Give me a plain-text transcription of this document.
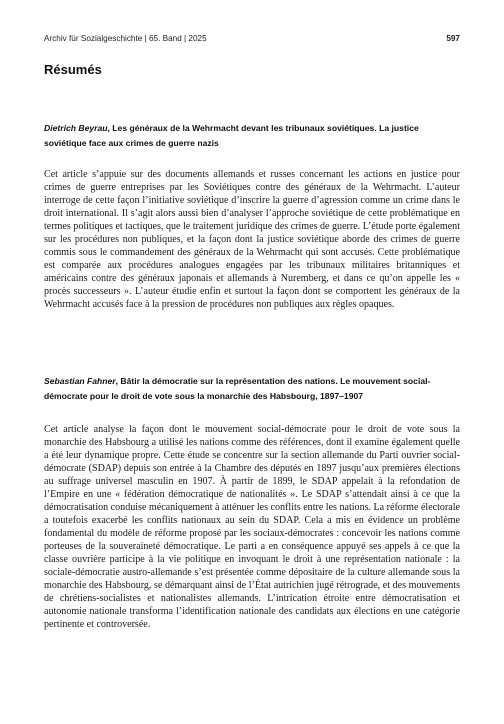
Archiv für Sozialgeschichte | 65. Band | 2025	597
Résumés

Dietrich Beyrau, Les généraux de la Wehrmacht devant les tribunaux soviétiques. La justice soviétique face aux crimes de guerre nazis

Cet article s’appuie sur des documents allemands et russes concernant les actions en justice pour crimes de guerre entreprises par les Soviétiques contre des généraux de la Wehrmacht. L’auteur interroge de cette façon l’initiative soviétique d’inscrire la guerre d’agression comme un crime dans le droit international. Il s’agit alors aussi bien d’analyser l’approche soviétique de cette problématique en termes politiques et tactiques, que le traitement juridique des crimes de guerre. L’étude porte également sur les procédures non publiques, et la façon dont la justice soviétique aborde des crimes de guerre commis sous le commandement des généraux de la Wehrmacht qui sont accusés. Cette problématique est comparée aux procédures analogues engagées par les tribunaux militaires britanniques et américains contre des généraux japonais et allemands à Nuremberg, et dans ce qu’on appelle les « procès successeurs ». L’auteur étudie enfin et surtout la façon dont se comportent les généraux de la Wehrmacht accusés face à la pression de procédures non publiques aux règles opaques.

Sebastian Fahner, Bâtir la démocratie sur la représentation des nations. Le mouvement social-démocrate pour le droit de vote sous la monarchie des Habsbourg, 1897–1907

Cet article analyse la façon dont le mouvement social-démocrate pour le droit de vote sous la monarchie des Habsbourg a utilisé les nations comme des références, dont il examine également quelle a été leur dynamique propre. Cette étude se concentre sur la section allemande du Parti ouvrier social-démocrate (SDAP) depuis son entrée à la Chambre des députés en 1897 jusqu’aux premières élections au suffrage universel masculin en 1907. À partir de 1899, le SDAP appelait à la refondation de l’Empire en une « fédération démocratique de nationalités ». Le SDAP s’attendait ainsi à ce que la démocratisation conduise mécaniquement à atténuer les conflits entre les nations. La réforme électorale a toutefois exacerbé les conflits nationaux au sein du SDAP. Cela a mis en évidence un problème fondamental du modèle de réforme proposé par les sociaux-démocrates : concevoir les nations comme porteuses de la souveraineté démocratique. Le parti a en conséquence appuyé ses appels à ce que la classe ouvrière participe à la vie politique en invoquant le droit à une représentation nationale : la sociale-démocratie austro-allemande s’est présentée comme dépositaire de la culture allemande sous la monarchie des Habsbourg, se démarquant ainsi de l’État autrichien jugé rétrograde, et des mouvements de chrétiens-socialistes et nationalistes allemands. L’intrication étroite entre démocratisation et autonomie nationale transforma l’identification nationale des candidats aux élections en une catégorie pertinente et controversée.
